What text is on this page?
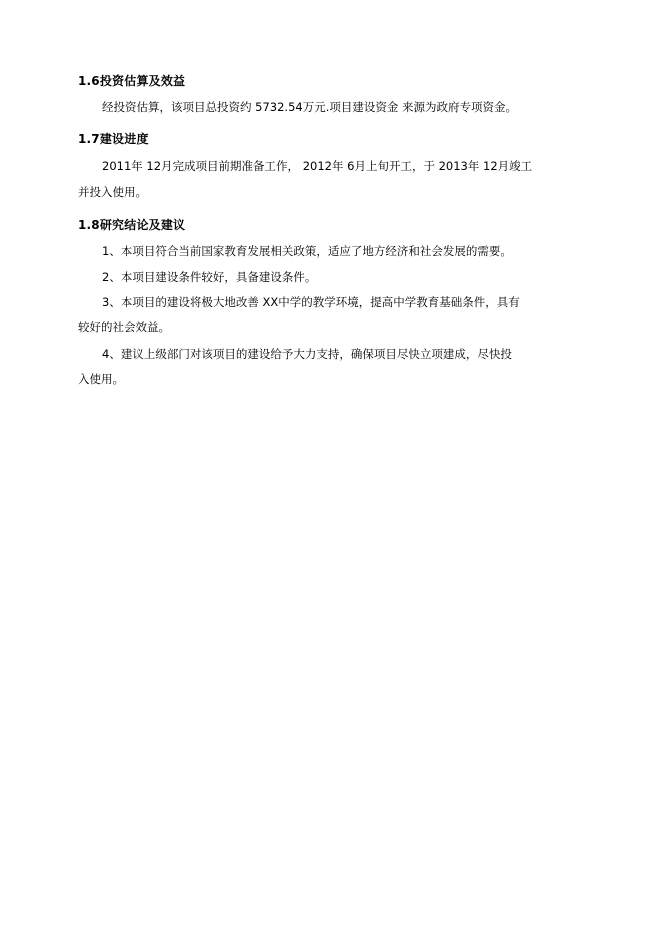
1.6投资估算及效益
经投资估算，该项目总投资约 5732.54万元.项目建设资金 来源为政府专项资金。
1.7建设进度
2011年 12月完成项目前期准备工作， 2012年 6月上旬开工，于 2013年 12月竣工
并投入使用。
1.8研究结论及建议
1、本项目符合当前国家教育发展相关政策，适应了地方经济和社会发展的需要。
2、本项目建设条件较好，具备建设条件。
3、本项目的建设将极大地改善 XX中学的教学环境，提高中学教育基础条件，具有
较好的社会效益。
4、建议上级部门对该项目的建设给予大力支持，确保项目尽快立项建成，尽快投
入使用。
